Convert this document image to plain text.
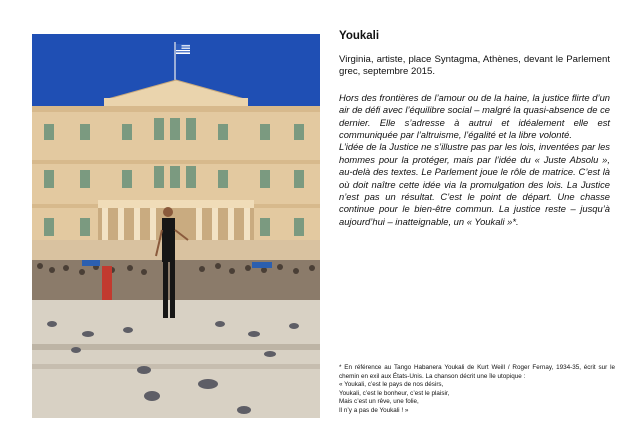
Youkali

Virginia, artiste, place Syntagma, Athènes, devant le Parlement grec, septembre 2015.

Hors des frontières de l’amour ou de la haine, la justice flirte d’un air de défi avec l’équilibre social – malgré la quasi-absence de ce dernier. Elle s’adresse à autrui et idéalement elle est communiquée par l’altruisme, l’égalité et la libre volonté.

L’idée de la Justice ne s’illustre pas par les lois, inventées par les hommes pour la protéger, mais par l’idée du « Juste Absolu », au-delà des textes. Le Parlement joue le rôle de matrice. C’est là où doit naître cette idée via la promulgation des lois. La Justice n’est pas un résultat. C’est le point de départ. Une chasse continue pour le bien-être commun. La justice reste – jusqu’à aujourd’hui – inatteignable, un « Youkali »*.

* En référence au Tango Habanera Youkali de Kurt Weill / Roger Fernay, 1934-35, écrit sur le chemin en exil aux États-Unis. La chanson décrit une île utopique :
« Youkali, c’est le pays de nos désirs,
Youkali, c’est le bonheur, c’est le plaisir,
Mais c’est un rêve, une folie,
Il n’y a pas de Youkali ! »
